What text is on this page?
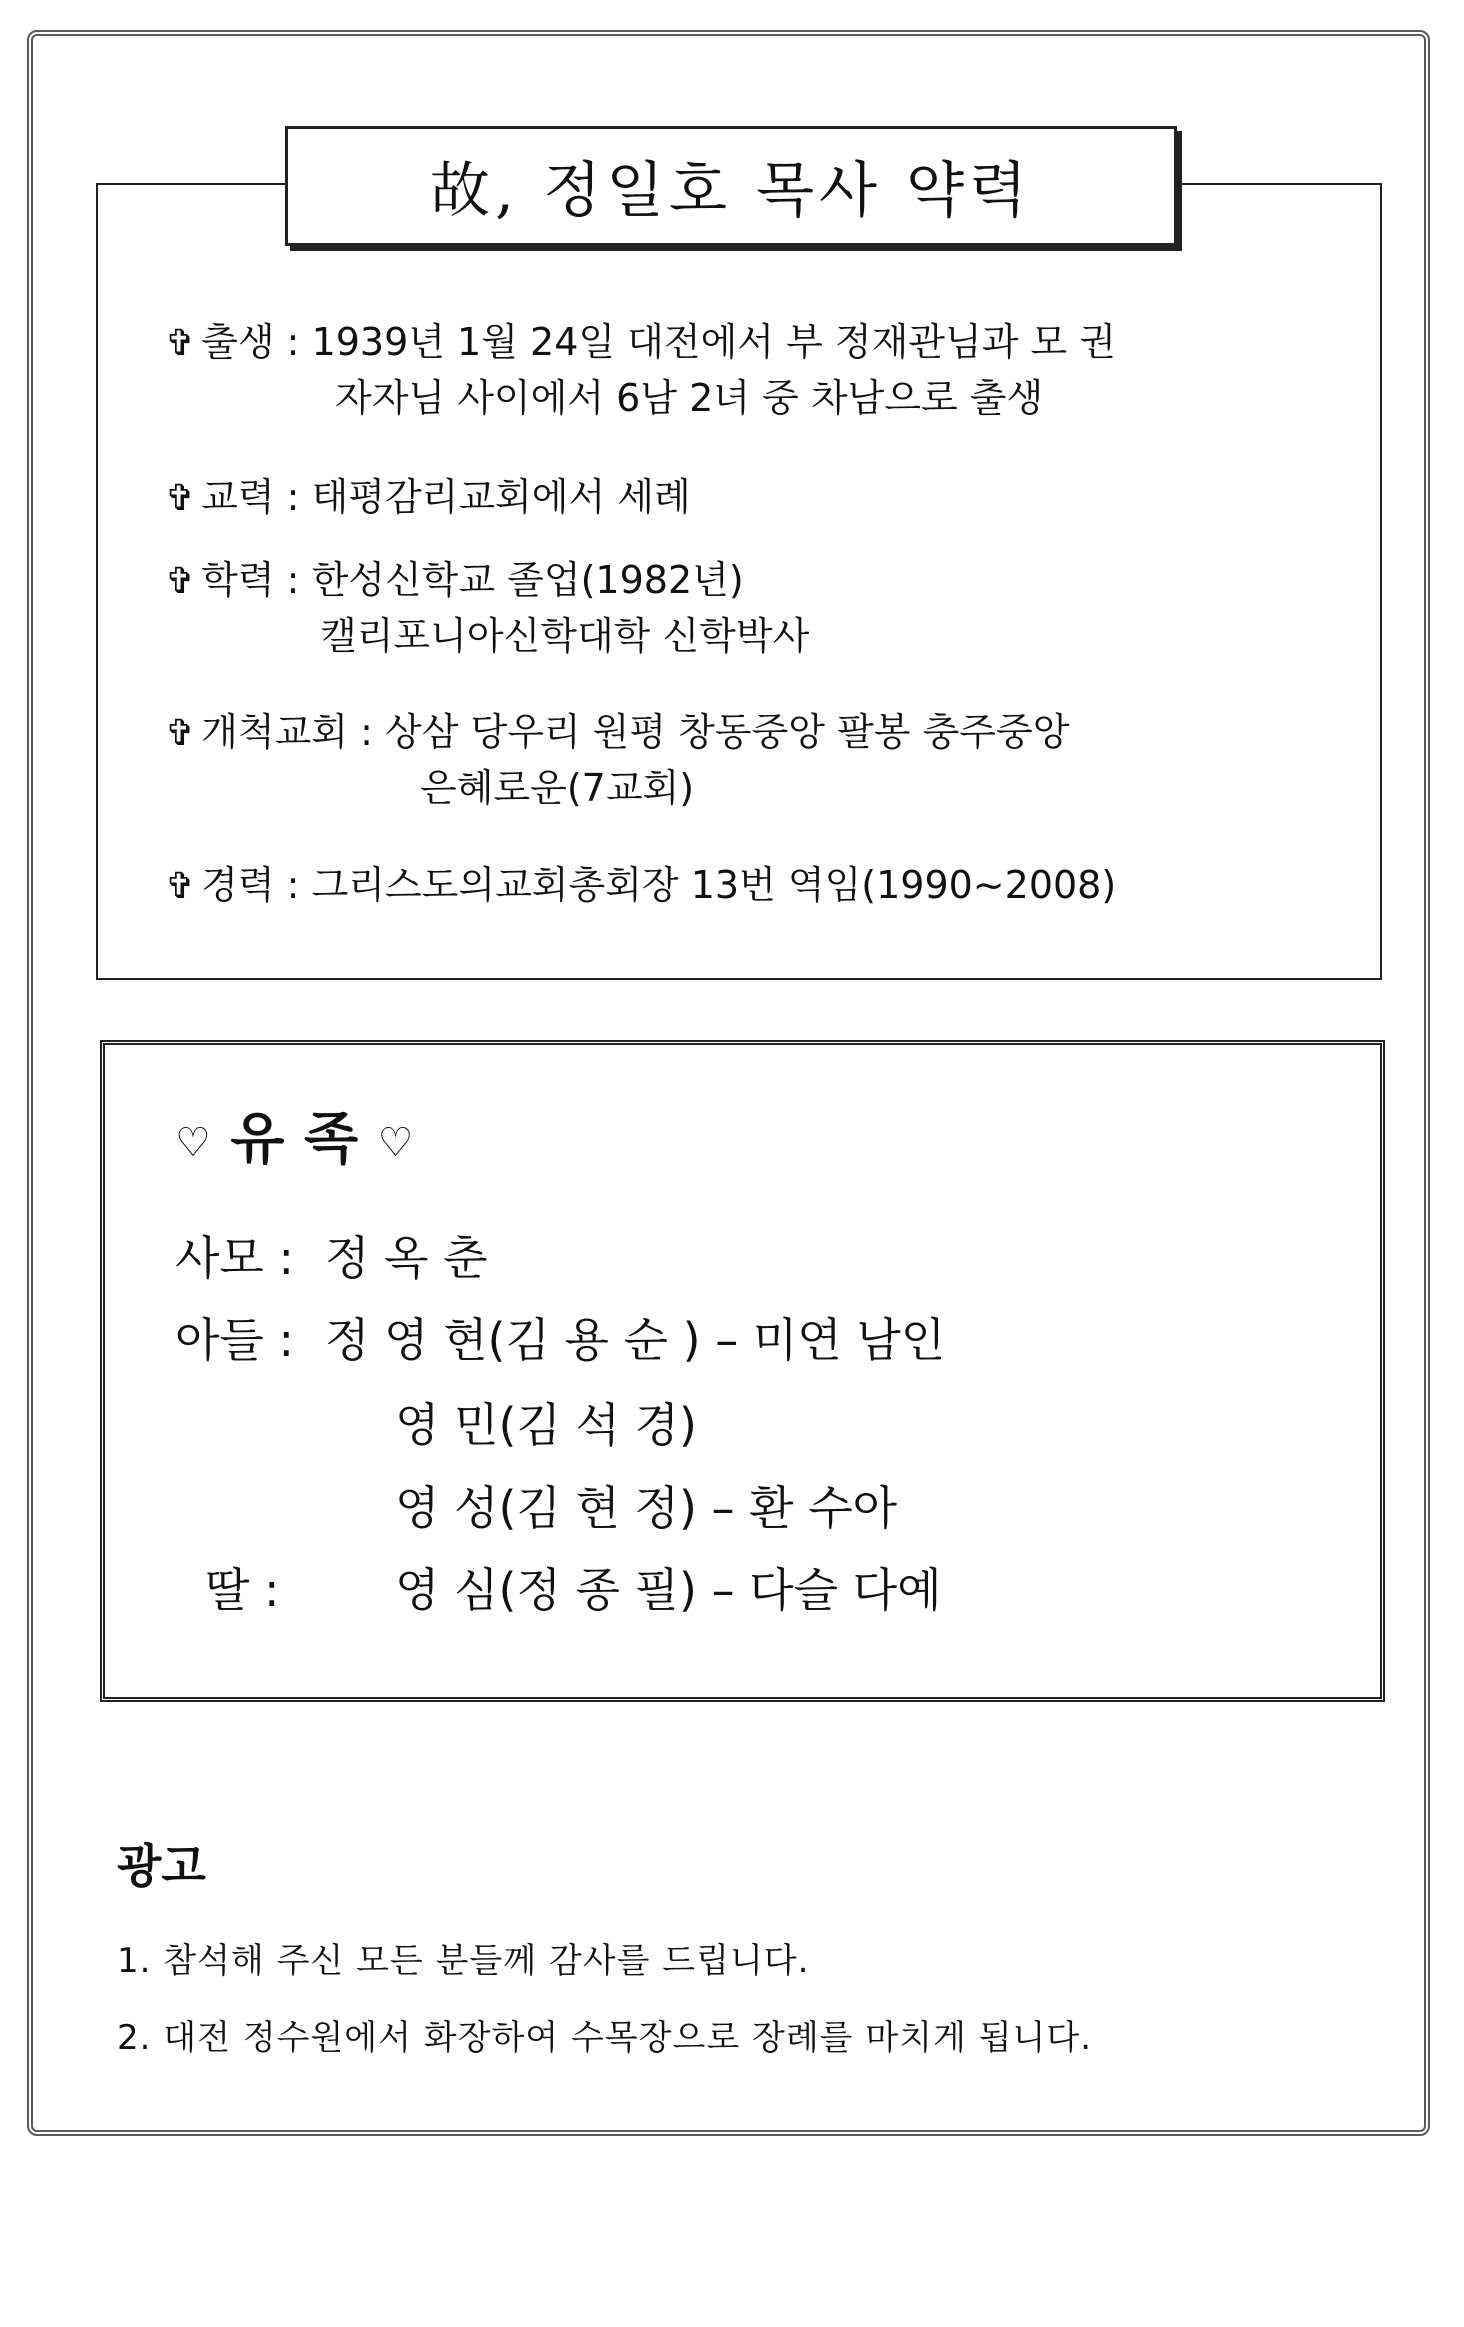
故, 정일호 목사 약력
✞ 출생 : 1939년 1월 24일 대전에서 부 정재관님과 모 권
자자님 사이에서 6남 2녀 중 차남으로 출생
✞ 교력 : 태평감리교회에서 세례
✞ 학력 : 한성신학교 졸업(1982년)
캘리포니아신학대학 신학박사
✞ 개척교회 : 상삼 당우리 원평 창동중앙 팔봉 충주중앙
은혜로운(7교회)
✞ 경력 : 그리스도의교회총회장 13번 역임(1990~2008)
♡ 유 족 ♡
사모 : 정 옥 춘
아들 : 정 영 현(김 용 순 ) – 미연 남인
영 민(김 석 경)
영 성(김 현 정) – 환 수아
딸 :	영 심(정 종 필) – 다슬 다예
광고
1. 참석해 주신 모든 분들께 감사를 드립니다.
2. 대전 정수원에서 화장하여 수목장으로 장례를 마치게 됩니다.
